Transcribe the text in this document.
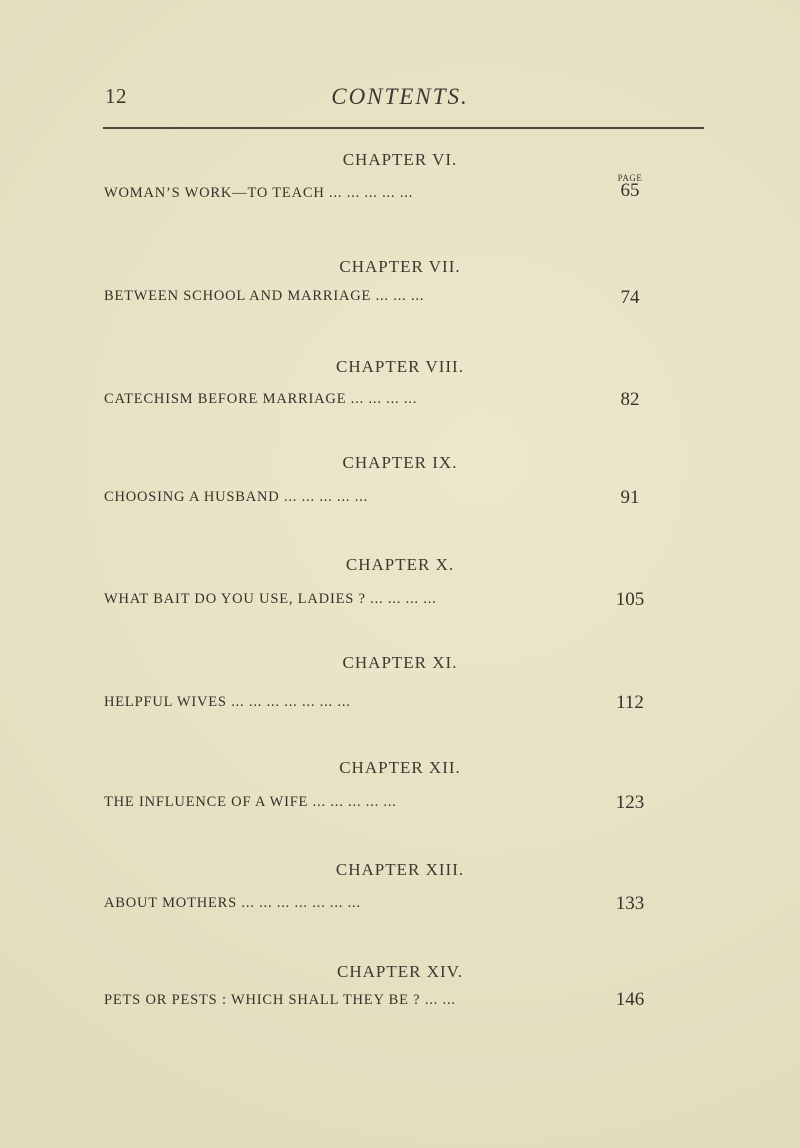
12	CONTENTS.
PAGE
CHAPTER VI.
WOMAN’S WORK—TO TEACH ... ... ... ... ...	65
CHAPTER VII.
BETWEEN SCHOOL AND MARRIAGE ... ... ...	74
CHAPTER VIII.
CATECHISM BEFORE MARRIAGE ... ... ... ...	82
CHAPTER IX.
CHOOSING A HUSBAND ... ... ... ... ...	91
CHAPTER X.
WHAT BAIT DO YOU USE, LADIES ? ... ... ... ...	105
CHAPTER XI.
HELPFUL WIVES ... ... ... ... ... ... ...	112
CHAPTER XII.
THE INFLUENCE OF A WIFE ... ... ... ... ...	123
CHAPTER XIII.
ABOUT MOTHERS ... ... ... ... ... ... ...	133
CHAPTER XIV.
PETS OR PESTS : WHICH SHALL THEY BE ? ... ...	146
